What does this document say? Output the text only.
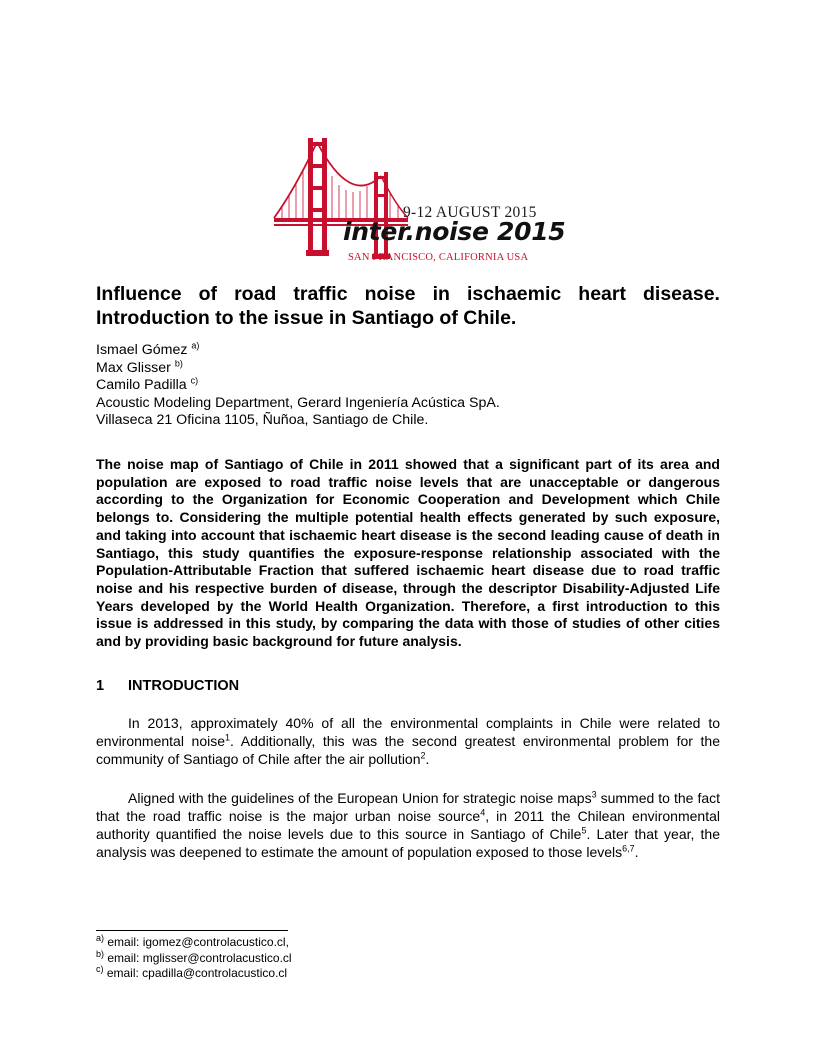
9-12 AUGUST 2015
inter.noise 2015
SAN FRANCISCO, CALIFORNIA USA
Influence of road traffic noise in ischaemic heart disease.
Introduction to the issue in Santiago of Chile.
Ismael Gómez $^{a)}$
Max Glisser $^{b)}$
Camilo Padilla $^{c)}$
Acoustic Modeling Department, Gerard Ingeniería Acústica SpA.
Villaseca 21 Oficina 1105, Ñuñoa, Santiago de Chile.

The noise map of Santiago of Chile in 2011 showed that a significant part of its area and population are exposed to road traffic noise levels that are unacceptable or dangerous according to the Organization for Economic Cooperation and Development which Chile belongs to. Considering the multiple potential health effects generated by such exposure, and taking into account that ischaemic heart disease is the second leading cause of death in Santiago, this study quantifies the exposure-response relationship associated with the Population-Attributable Fraction that suffered ischaemic heart disease due to road traffic noise and his respective burden of disease, through the descriptor Disability-Adjusted Life Years developed by the World Health Organization. Therefore, a first introduction to this issue is addressed in this study, by comparing the data with those of studies of other cities and by providing basic background for future analysis.

1 INTRODUCTION

In 2013, approximately 40% of all the environmental complaints in Chile were related to environmental noise$^1$. Additionally, this was the second greatest environmental problem for the community of Santiago of Chile after the air pollution$^2$.

Aligned with the guidelines of the European Union for strategic noise maps$^3$ summed to the fact that the road traffic noise is the major urban noise source$^4$, in 2011 the Chilean environmental authority quantified the noise levels due to this source in Santiago of Chile$^5$. Later that year, the analysis was deepened to estimate the amount of population exposed to those levels$^{6,7}$.

$^{a)}$ email: igomez@controlacustico.cl,
$^{b)}$ email: mglisser@controlacustico.cl
$^{c)}$ email: cpadilla@controlacustico.cl
